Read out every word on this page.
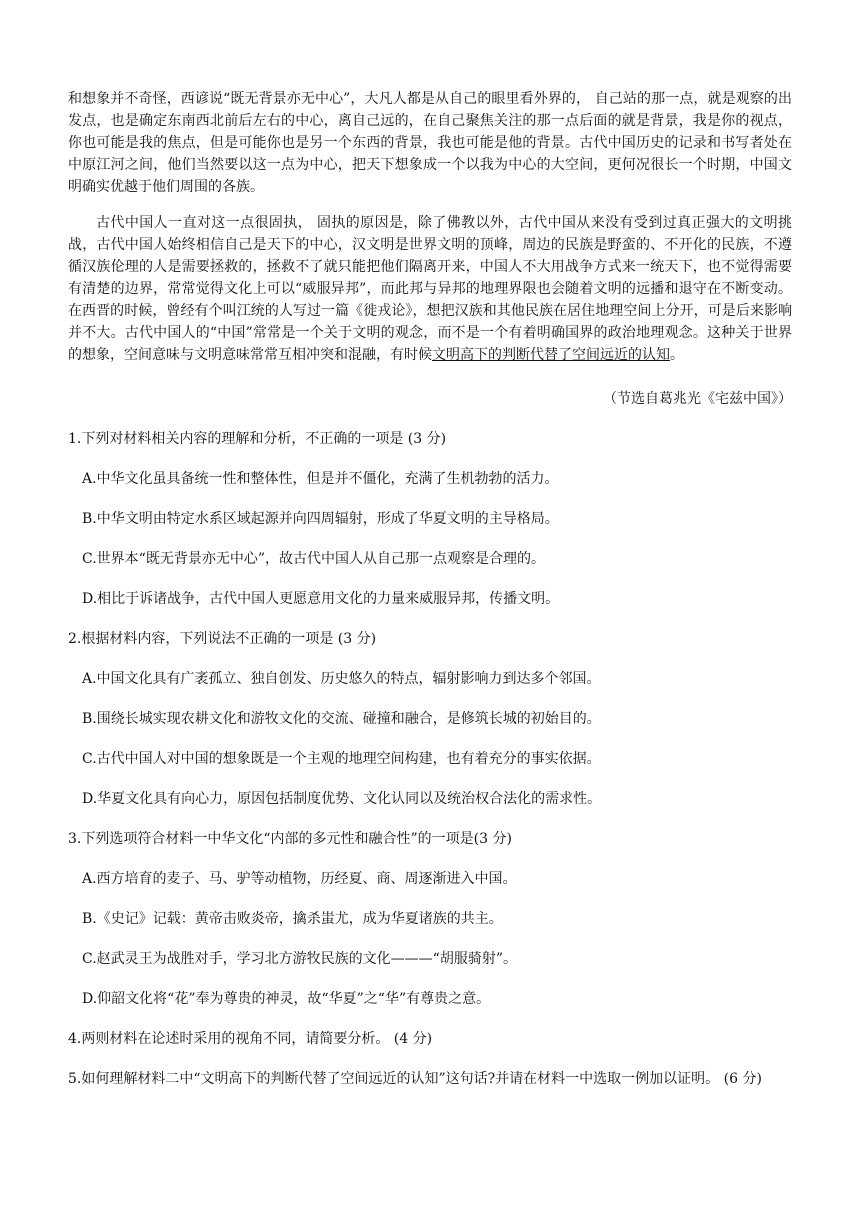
和想象并不奇怪，西谚说“既无背景亦无中心”，大凡人都是从自己的眼里看外界的， 自己站的那一点，就是观察的出发点，也是确定东南西北前后左右的中心，离自己远的，在自己聚焦关注的那一点后面的就是背景，我是你的视点，你也可能是我的焦点，但是可能你也是另一个东西的背景，我也可能是他的背景。古代中国历史的记录和书写者处在中原江河之间，他们当然要以这一点为中心，把天下想象成一个以我为中心的大空间，更何况很长一个时期，中国文明确实优越于他们周围的各族。

古代中国人一直对这一点很固执， 固执的原因是，除了佛教以外，古代中国从来没有受到过真正强大的文明挑战，古代中国人始终相信自己是天下的中心，汉文明是世界文明的顶峰，周边的民族是野蛮的、不开化的民族，不遵循汉族伦理的人是需要拯救的，拯救不了就只能把他们隔离开来，中国人不大用战争方式来一统天下，也不觉得需要有清楚的边界，常常觉得文化上可以“威服异邦”，而此邦与异邦的地理界限也会随着文明的远播和退守在不断变动。在西晋的时候，曾经有个叫江统的人写过一篇《徙戎论》，想把汉族和其他民族在居住地理空间上分开，可是后来影响并不大。古代中国人的“中国”常常是一个关于文明的观念，而不是一个有着明确国界的政治地理观念。这种关于世界的想象，空间意味与文明意味常常互相冲突和混融，有时候文明高下的判断代替了空间远近的认知。
（节选自葛兆光《宅兹中国》）
1.下列对材料相关内容的理解和分析，不正确的一项是 (3 分)
A.中华文化虽具备统一性和整体性，但是并不僵化，充满了生机勃勃的活力。
B.中华文明由特定水系区域起源并向四周辐射，形成了华夏文明的主导格局。
C.世界本“既无背景亦无中心”，故古代中国人从自己那一点观察是合理的。
D.相比于诉诸战争，古代中国人更愿意用文化的力量来威服异邦，传播文明。
2.根据材料内容，下列说法不正确的一项是 (3 分)
A.中国文化具有广袤孤立、独自创发、历史悠久的特点，辐射影响力到达多个邻国。
B.围绕长城实现农耕文化和游牧文化的交流、碰撞和融合，是修筑长城的初始目的。
C.古代中国人对中国的想象既是一个主观的地理空间构建，也有着充分的事实依据。
D.华夏文化具有向心力，原因包括制度优势、文化认同以及统治权合法化的需求性。
3.下列选项符合材料一中华文化“内部的多元性和融合性”的一项是(3 分)
A.西方培育的麦子、马、驴等动植物，历经夏、商、周逐渐进入中国。
B.《史记》记载：黄帝击败炎帝，擒杀蚩尤，成为华夏诸族的共主。
C.赵武灵王为战胜对手，学习北方游牧民族的文化———“胡服骑射”。
D.仰韶文化将“花”奉为尊贵的神灵，故“华夏”之“华”有尊贵之意。
4.两则材料在论述时采用的视角不同，请简要分析。 (4 分)
5.如何理解材料二中“文明高下的判断代替了空间远近的认知”这句话?并请在材料一中选取一例加以证明。 (6 分)
